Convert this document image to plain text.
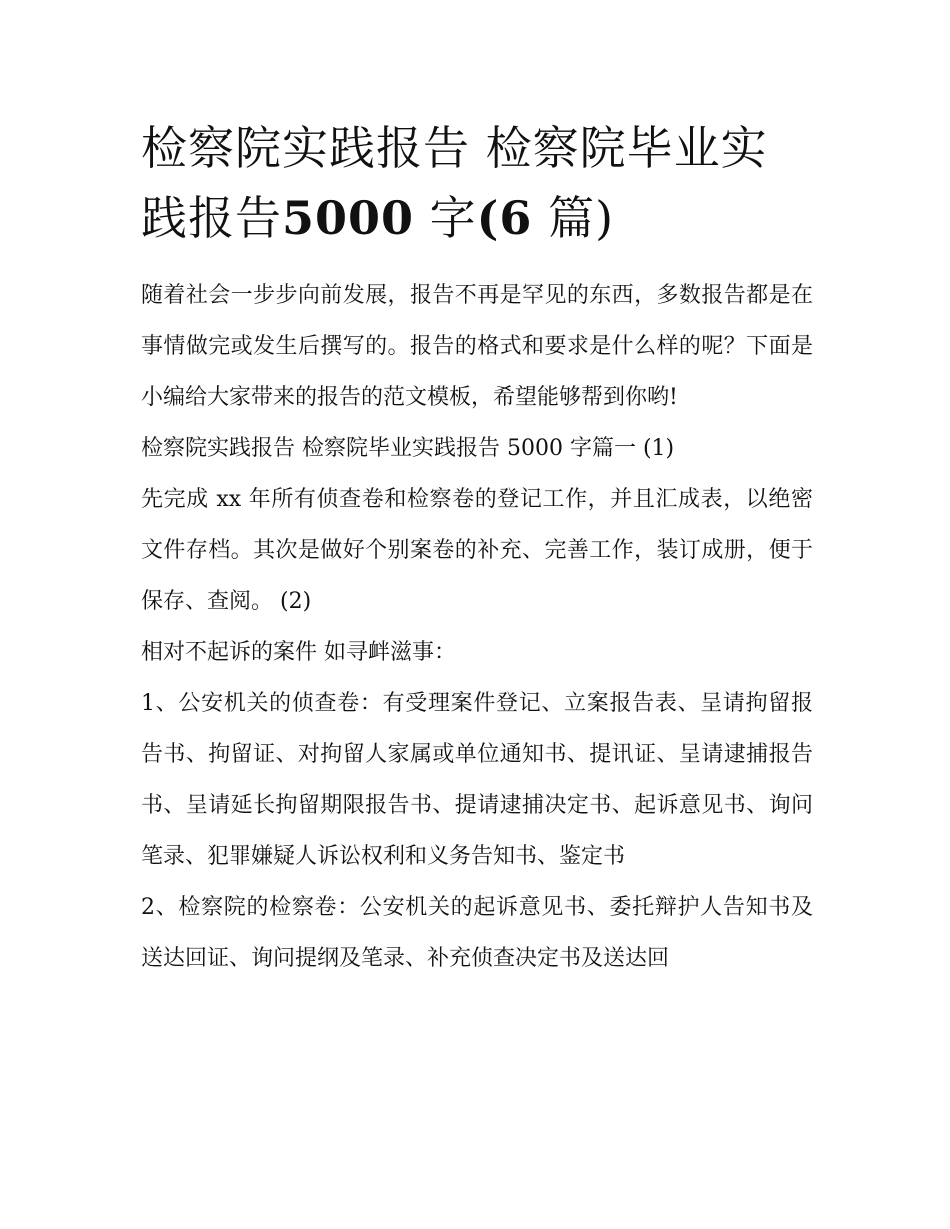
检察院实践报告 检察院毕业实
践报告5000 字(6 篇)

随着社会一步步向前发展，报告不再是罕见的东西，多数报告都是在事情做完或发生后撰写的。报告的格式和要求是什么样的呢？下面是小编给大家带来的报告的范文模板，希望能够帮到你哟!

检察院实践报告 检察院毕业实践报告 5000 字篇一 (1)

先完成 xx 年所有侦查卷和检察卷的登记工作，并且汇成表，以绝密文件存档。其次是做好个别案卷的补充、完善工作，装订成册，便于保存、查阅。 (2)

相对不起诉的案件 如寻衅滋事：

1、公安机关的侦查卷：有受理案件登记、立案报告表、呈请拘留报告书、拘留证、对拘留人家属或单位通知书、提讯证、呈请逮捕报告书、呈请延长拘留期限报告书、提请逮捕决定书、起诉意见书、询问笔录、犯罪嫌疑人诉讼权利和义务告知书、鉴定书

2、检察院的检察卷：公安机关的起诉意见书、委托辩护人告知书及送达回证、询问提纲及笔录、补充侦查决定书及送达回
